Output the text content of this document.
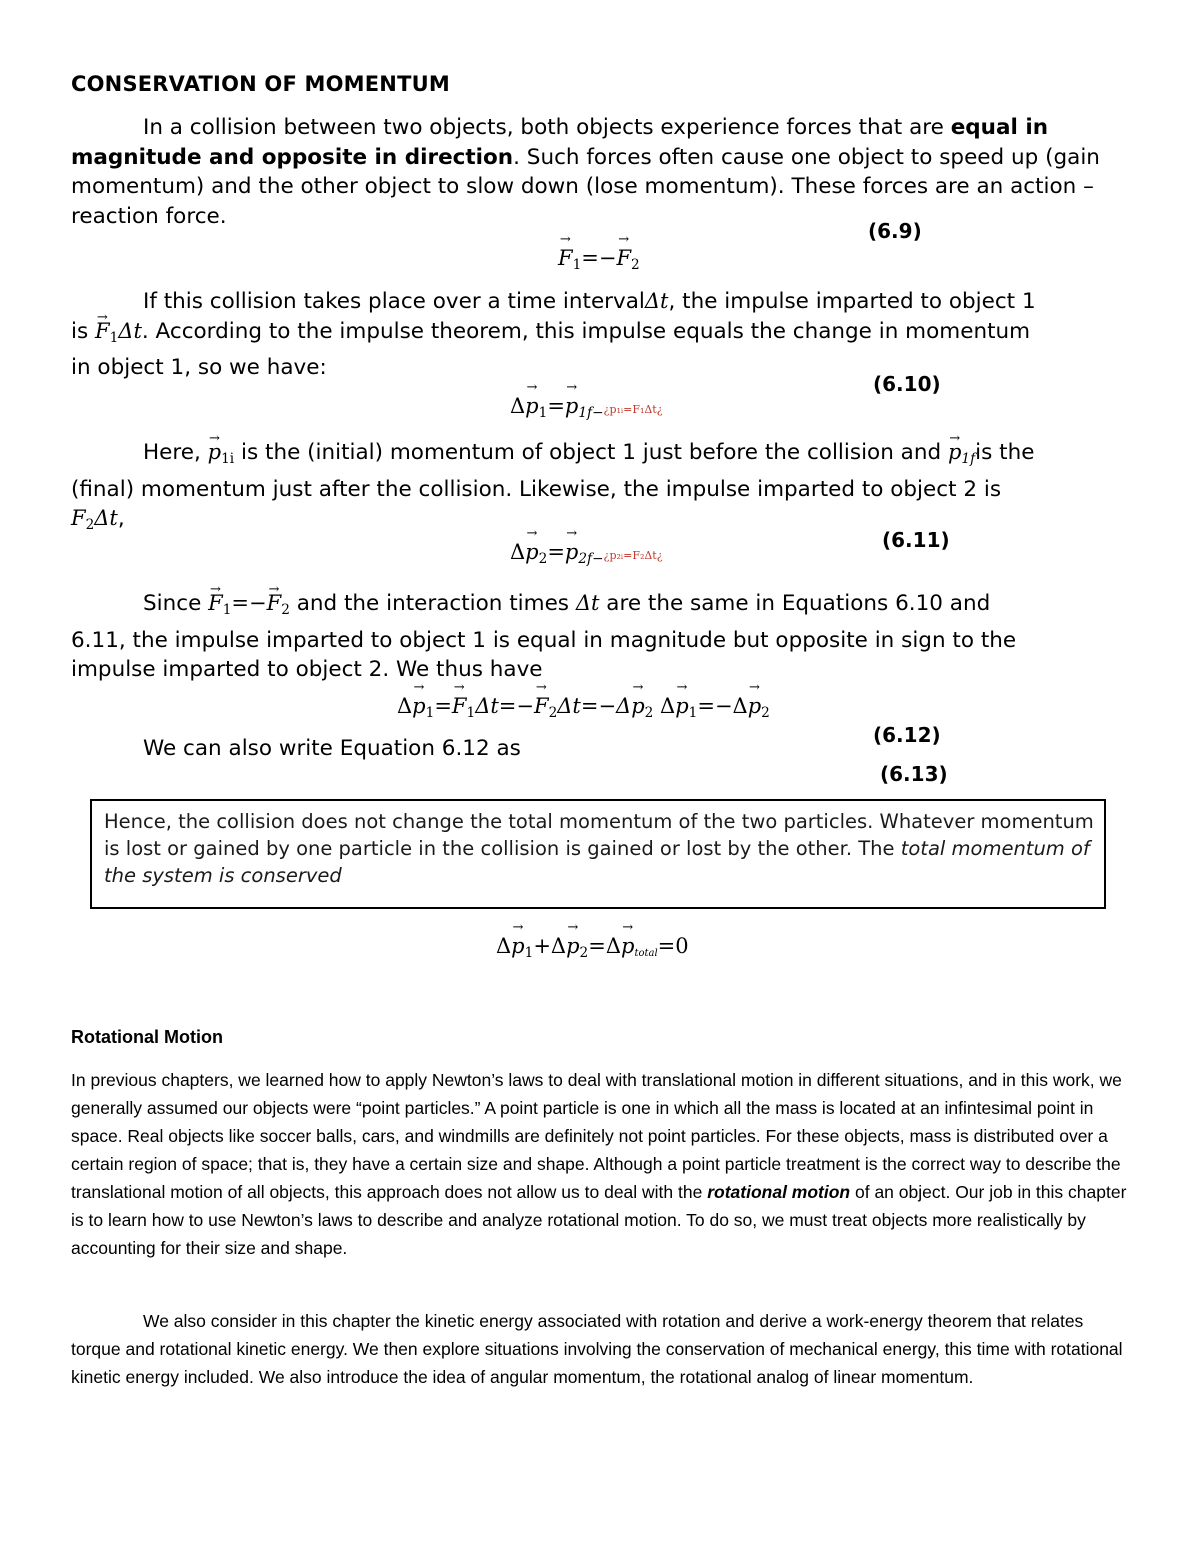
CONSERVATION OF MOMENTUM
In a collision between two objects, both objects experience forces that are equal in magnitude and opposite in direction. Such forces often cause one object to speed up (gain momentum) and the other object to slow down (lose momentum). These forces are an action – reaction force.
(6.9)
→ $F_1=-\to F_2$
If this collision takes place over a time intervalΔt, the impulse imparted to object 1
is → $F_1\Delta t$. According to the impulse theorem, this impulse equals the change in momentum
in object 1, so we have:
(6.10)
$\Delta\to p_1=\to$ $p_{1f-}¿p_1ᵢ=F_1\Delta t¿$
Here, → $p_{1i}$ is the (initial) momentum of object 1 just before the collision and → $p_{1f}is$ the
(final) momentum just after the collision. Likewise, the impulse imparted to object 2 is
$F_2\Delta t$,
(6.11)
$\Delta\to p_2=\to$ $p_{2f-}¿p_2ᵢ=F_2\Delta t¿$
Since → $F_1=-\to F_2$ and the interaction times Δt are the same in Equations 6.10 and
6.11, the impulse imparted to object 1 is equal in magnitude but opposite in sign to the
impulse imparted to object 2. We thus have
$\Delta\to p_1=\to F_1\Delta t=-\to F_2\Delta t=-\Delta\to p_2$ $\Delta\to p_1=-\Delta\to p_2$
(6.12)
We can also write Equation 6.12 as
(6.13)
Hence, the collision does not change the total momentum of the two particles. Whatever momentum is lost or gained by one particle in the collision is gained or lost by the other. The total momentum of the system is conserved
$\Delta\to p_1+\Delta\to p_2=\Delta\to p_{total}=0$
Rotational Motion
In previous chapters, we learned how to apply Newton’s laws to deal with translational motion in different situations, and in this work, we generally assumed our objects were “point particles.” A point particle is one in which all the mass is located at an infintesimal point in space. Real objects like soccer balls, cars, and windmills are definitely not point particles. For these objects, mass is distributed over a certain region of space; that is, they have a certain size and shape. Although a point particle treatment is the correct way to describe the translational motion of all objects, this approach does not allow us to deal with the rotational motion of an object. Our job in this chapter is to learn how to use Newton’s laws to describe and analyze rotational motion. To do so, we must treat objects more realistically by accounting for their size and shape.
We also consider in this chapter the kinetic energy associated with rotation and derive a work-energy theorem that relates torque and rotational kinetic energy. We then explore situations involving the conservation of mechanical energy, this time with rotational kinetic energy included. We also introduce the idea of angular momentum, the rotational analog of linear momentum.
